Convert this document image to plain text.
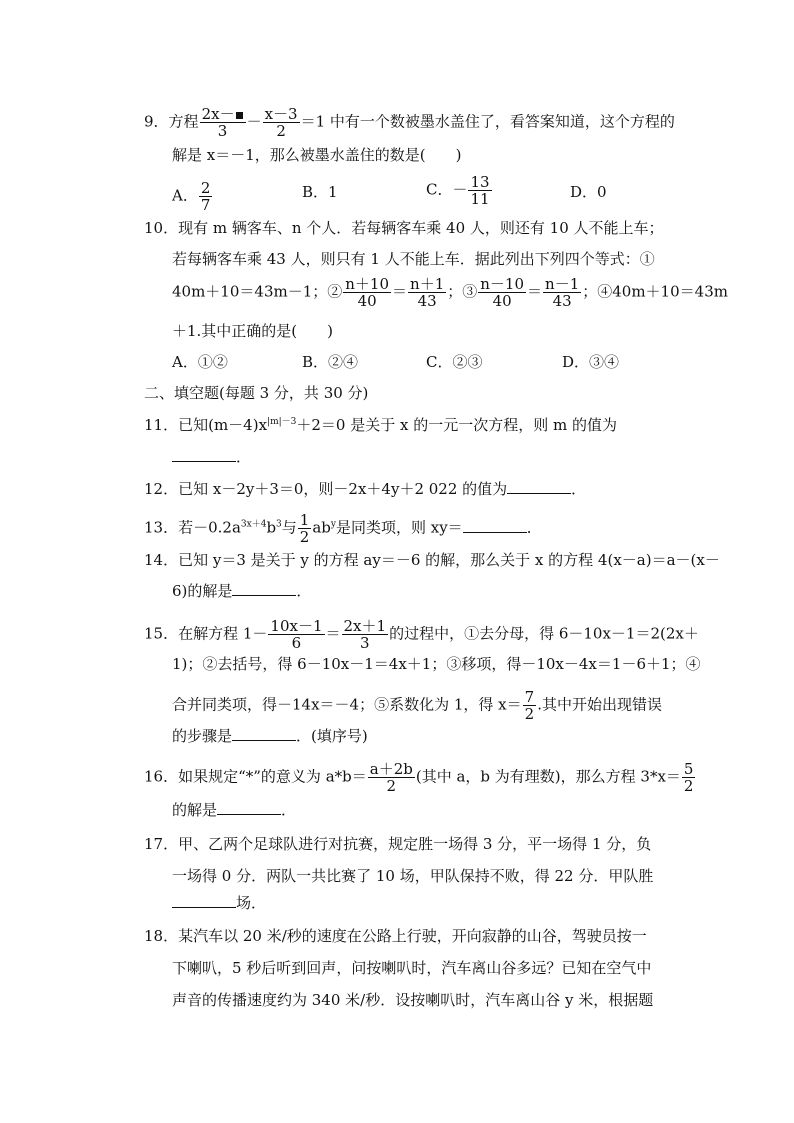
9．方程 $\frac{2x-}{3} - \frac{x-3}{2} =1$ 中有一个数被墨水盖住了，看答案知道，这个方程的
解是 x＝－1，那么被墨水盖住的数是(　　)
A． $\frac{2}{7}$	B．1	C．－ $\frac{13}{11}$	D．0
10．现有 m 辆客车、n 个人．若每辆客车乘 40 人，则还有 10 人不能上车；
若每辆客车乘 43 人，则只有 1 人不能上车．据此列出下列四个等式：①
40m＋10＝43m－1；② $\frac{n+10}{40} = \frac{n+1}{43}$ ；③ $\frac{n-10}{40} = \frac{n-1}{43}$ ；④40m＋10＝43m
＋1.其中正确的是(　　)
A．①②	B．②④	C．②③	D．③④
二、填空题(每题 3 分，共 30 分)
11．已知$(m-4)x^{|m|-3}+2=0$ 是关于 x 的一元一次方程，则 m 的值为
．
12．已知 x－2y＋3＝0，则－2x＋4y＋2 022 的值为	．
13．若$-0.2a^{3x+4}b^3$与 $\frac{1}{2} ab^y$是同类项，则 xy＝	．
14．已知 y＝3 是关于 y 的方程 ay＝－6 的解，那么关于 x 的方程 4(x－a)＝a－(x－
6)的解是	．
15．在解方程 $1- \frac{10x-1}{6} = \frac{2x+1}{3}$ 的过程中，①去分母，得 6－10x－1＝2(2x＋
1)；②去括号，得 6－10x－1＝4x＋1；③移项，得－10x－4x＝1－6＋1；④
合并同类项，得－14x＝－4；⑤系数化为 1，得 $x= \frac{7}{2}$ .其中开始出现错误
的步骤是	．(填序号)
16．如果规定“*”的意义为 $a*b= \frac{a+2b}{2}$ (其中 a，b 为有理数)，那么方程 $3*x= \frac{5}{2}$
的解是	．
17．甲、乙两个足球队进行对抗赛，规定胜一场得 3 分，平一场得 1 分，负
一场得 0 分．两队一共比赛了 10 场，甲队保持不败，得 22 分．甲队胜
场．
18．某汽车以 20 米/秒的速度在公路上行驶，开向寂静的山谷，驾驶员按一
下喇叭，5 秒后听到回声，问按喇叭时，汽车离山谷多远？已知在空气中
声音的传播速度约为 340 米/秒．设按喇叭时，汽车离山谷 y 米，根据题
